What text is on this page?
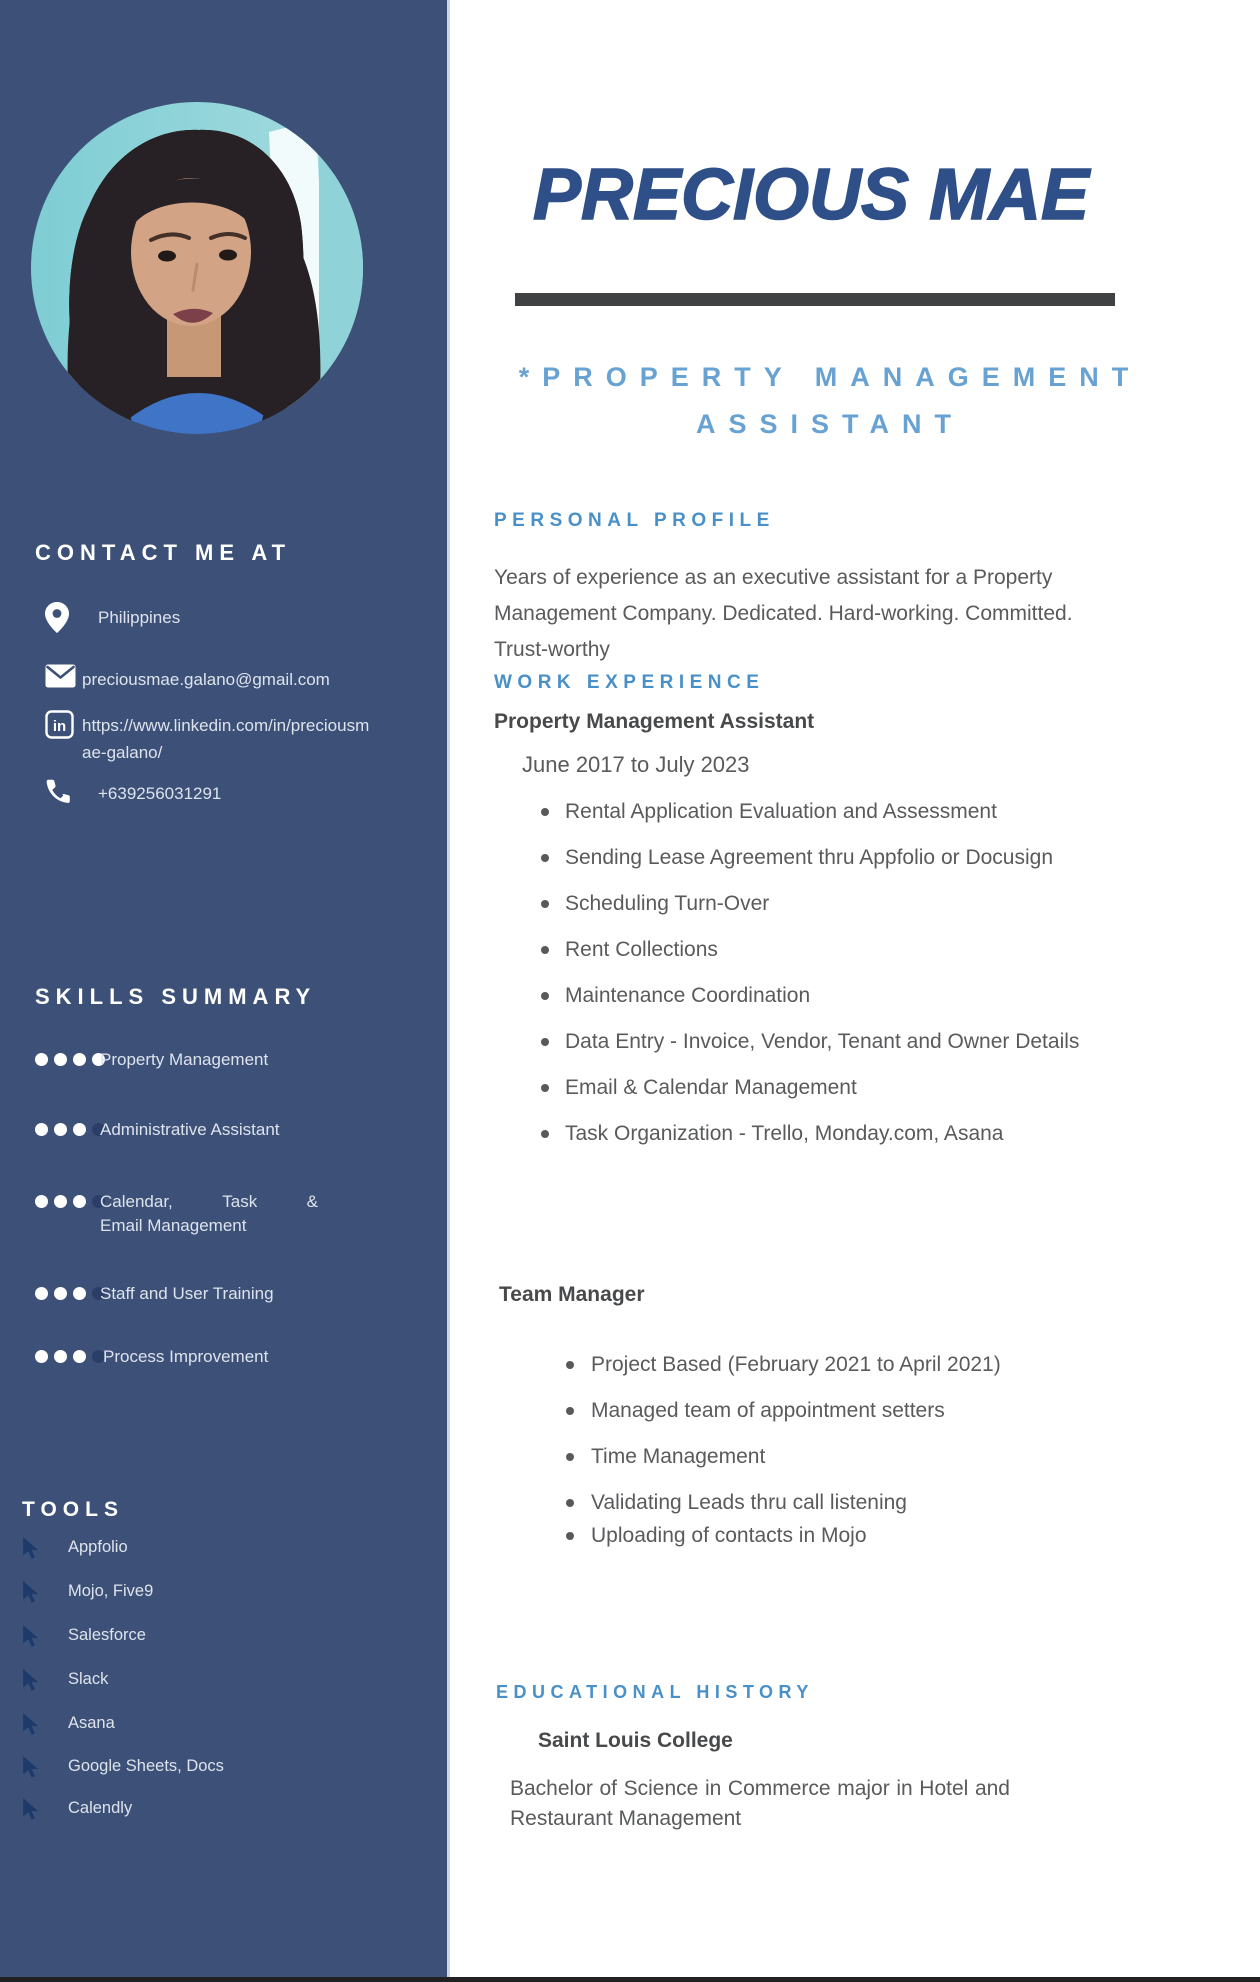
CONTACT ME AT
Philippines
preciousmae.galano@gmail.com
in https://www.linkedin.com/in/preciousmae-galano/
+639256031291
SKILLS SUMMARY
Property Management
Administrative Assistant
Calendar,	Task	&
Email Management
Staff and User Training
Process Improvement
TOOLS
Appfolio
Mojo, Five9
Salesforce
Slack
Asana
Google Sheets, Docs
Calendly
PRECIOUS MAE
*PROPERTY MANAGEMENT
ASSISTANT
PERSONAL PROFILE
Years of experience as an executive assistant for a Property Management Company. Dedicated. Hard-working. Committed. Trust-worthy
WORK EXPERIENCE
Property Management Assistant
June 2017 to July 2023
Rental Application Evaluation and Assessment
Sending Lease Agreement thru Appfolio or Docusign
Scheduling Turn-Over
Rent Collections
Maintenance Coordination
Data Entry - Invoice, Vendor, Tenant and Owner Details
Email & Calendar Management
Task Organization - Trello, Monday.com, Asana
Team Manager
Project Based (February 2021 to April 2021)
Managed team of appointment setters
Time Management
Validating Leads thru call listening
Uploading of contacts in Mojo
EDUCATIONAL HISTORY
Saint Louis College
Bachelor of Science in Commerce major in Hotel and Restaurant Management
